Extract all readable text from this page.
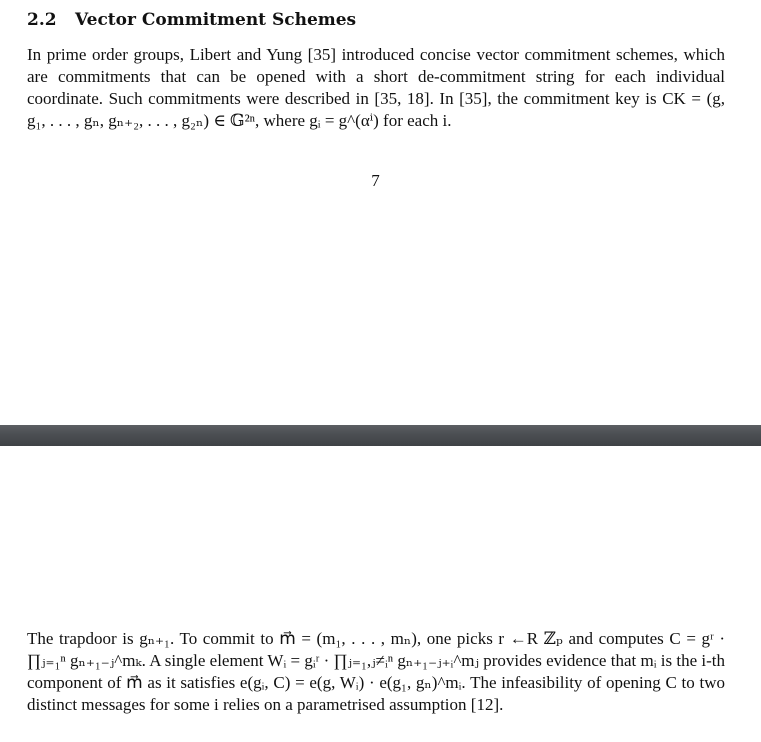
2.2 Vector Commitment Schemes

In prime order groups, Libert and Yung [35] introduced concise vector commitment schemes, which are commitments that can be opened with a short de-commitment string for each individual coordinate. Such commitments were described in [35, 18]. In [35], the commitment key is CK = (g, g₁, . . . , gₙ, gₙ₊₂, . . . , g₂ₙ) ∈ 𝔾²ⁿ, where gᵢ = g^(αⁱ) for each i.

7

The trapdoor is gₙ₊₁. To commit to m⃗ = (m₁, . . . , mₙ), one picks r ←R ℤₚ and computes C = gʳ · ∏ⱼ₌₁ⁿ gₙ₊₁₋ⱼ^mₖ. A single element Wᵢ = gᵢʳ · ∏ⱼ₌₁,ⱼ≠ᵢⁿ gₙ₊₁₋ⱼ₊ᵢ^mⱼ provides evidence that mᵢ is the i-th component of m⃗ as it satisfies e(gᵢ, C) = e(g, Wᵢ) · e(g₁, gₙ)^mᵢ. The infeasibility of opening C to two distinct messages for some i relies on a parametrised assumption [12].
